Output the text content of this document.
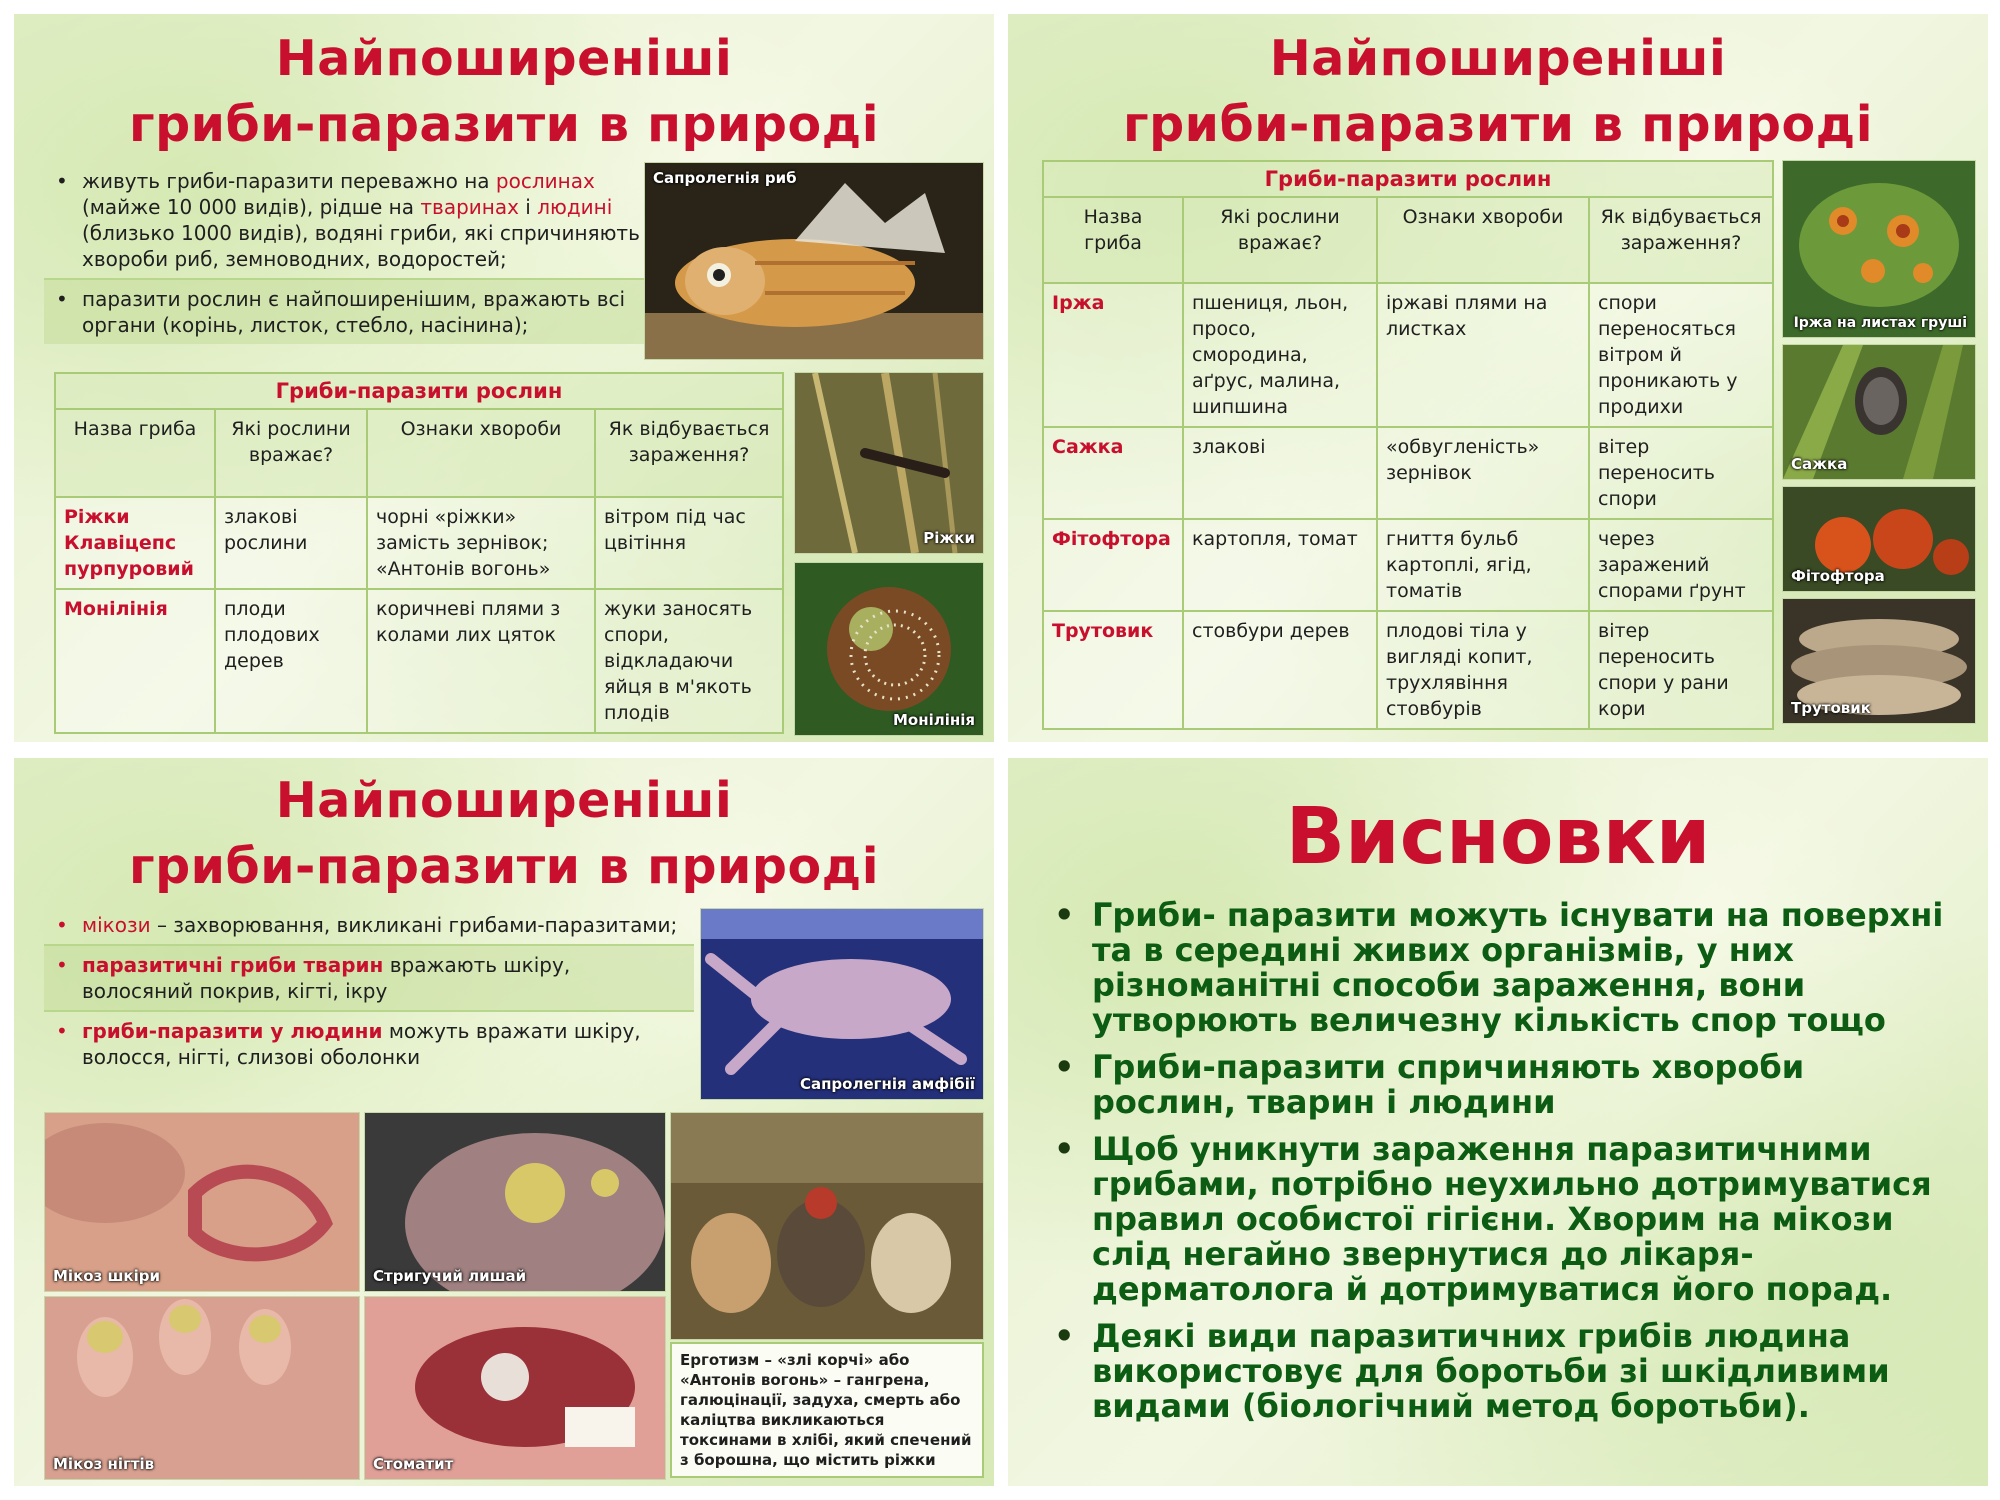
Найпоширеніші
гриби-паразити в природі
• живуть гриби-паразити переважно на рослинах (майже 10 000 видів), рідше на тваринах і людині (близько 1000 видів), водяні гриби, які спричиняють хвороби риб, земноводних, водоростей;
• паразити рослин є найпоширенішим, вражають всі органи (корінь, листок, стебло, насінина);
Сапролегнія риб
Ріжки
Монілінія
Гриби-паразити рослин			
Назва гриба	Які рослини вражає?	Ознаки хвороби	Як відбувається зараження?
Ріжки Клавіцепс пурпуровий	злакові рослини	чорні «ріжки» замість зернівок; «Антонів вогонь»	вітром під час цвітіння
Монілінія	плоди плодових дерев	коричневі плями з колами лих цяток	жуки заносять спори, відкладаючи яйця в м'якоть плодів
Найпоширеніші
гриби-паразити в природі
Гриби-паразити рослин			
Назва гриба	Які рослини вражає?	Ознаки хвороби	Як відбувається зараження?
Іржа	пшениця, льон, просо, смородина, аґрус, малина, шипшина	іржаві плями на листках	спори переносяться вітром й проникають у продихи
Сажка	злакові	«обвугленість» зернівок	вітер переносить спори
Фітофтора	картопля, томат	гниття бульб картоплі, ягід, томатів	через заражений спорами ґрунт
Трутовик	стовбури дерев	плодові тіла у вигляді копит, трухлявіння стовбурів	вітер переносить спори у рани кори
Іржа на листах груші
Сажка
Фітофтора
Трутовик
Найпоширеніші
гриби-паразити в природі
• мікози – захворювання, викликані грибами-паразитами;
• паразитичні гриби тварин вражають шкіру, волосяний покрив, кігті, ікру
• гриби-паразити у людини можуть вражати шкіру, волосся, нігті, слизові оболонки
Сапролегнія амфібії
Мікоз шкіри	Стригучий лишай
Мікоз нігтів	Стоматит
Ерготизм – «злі корчі» або «Антонів вогонь» – гангрена, галюцінації, задуха, смерть або каліцтва викликаються токсинами в хлібі, який спечений з борошна, що містить ріжки
Висновки
• Гриби- паразити можуть існувати на поверхні та в середині живих організмів, у них різноманітні способи зараження, вони утворюють величезну кількість спор тощо
• Гриби-паразити спричиняють хвороби рослин, тварин і людини
• Щоб уникнути зараження паразитичними грибами, потрібно неухильно дотримуватися правил особистої гігієни. Хворим на мікози слід негайно звернутися до лікаря-дерматолога й дотримуватися його порад.
• Деякі види паразитичних грибів людина використовує для боротьби зі шкідливими видами (біологічний метод боротьби).
